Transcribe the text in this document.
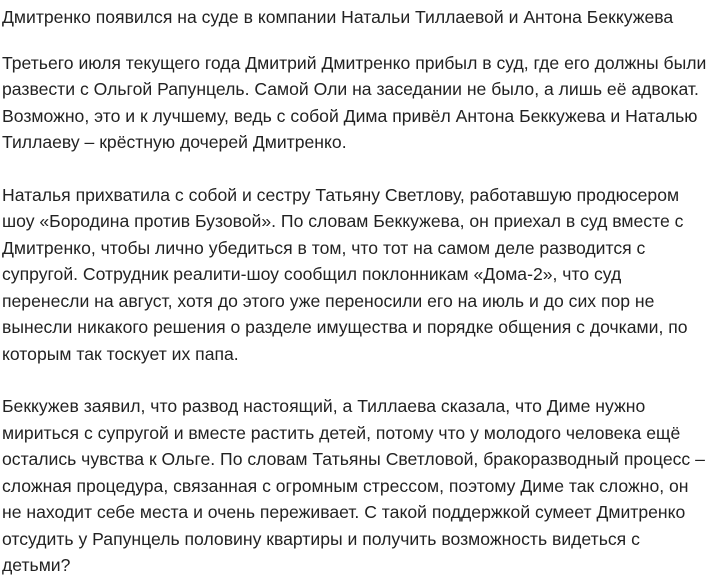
Дмитренко появился на суде в компании Натальи Тиллаевой и Антона Беккужева

Третьего июля текущего года Дмитрий Дмитренко прибыл в суд, где его должны были развести с Ольгой Рапунцель. Самой Оли на заседании не было, а лишь её адвокат. Возможно, это и к лучшему, ведь с собой Дима привёл Антона Беккужева и Наталью Тиллаеву – крёстную дочерей Дмитренко.

Наталья прихватила с собой и сестру Татьяну Светлову, работавшую продюсером шоу «Бородина против Бузовой». По словам Беккужева, он приехал в суд вместе с Дмитренко, чтобы лично убедиться в том, что тот на самом деле разводится с супругой. Сотрудник реалити-шоу сообщил поклонникам «Дома-2», что суд перенесли на август, хотя до этого уже переносили его на июль и до сих пор не вынесли никакого решения о разделе имущества и порядке общения с дочками, по которым так тоскует их папа.

Беккужев заявил, что развод настоящий, а Тиллаева сказала, что Диме нужно мириться с супругой и вместе растить детей, потому что у молодого человека ещё остались чувства к Ольге. По словам Татьяны Светловой, бракоразводный процесс – сложная процедура, связанная с огромным стрессом, поэтому Диме так сложно, он не находит себе места и очень переживает. С такой поддержкой сумеет Дмитренко отсудить у Рапунцель половину квартиры и получить возможность видеться с детьми?
